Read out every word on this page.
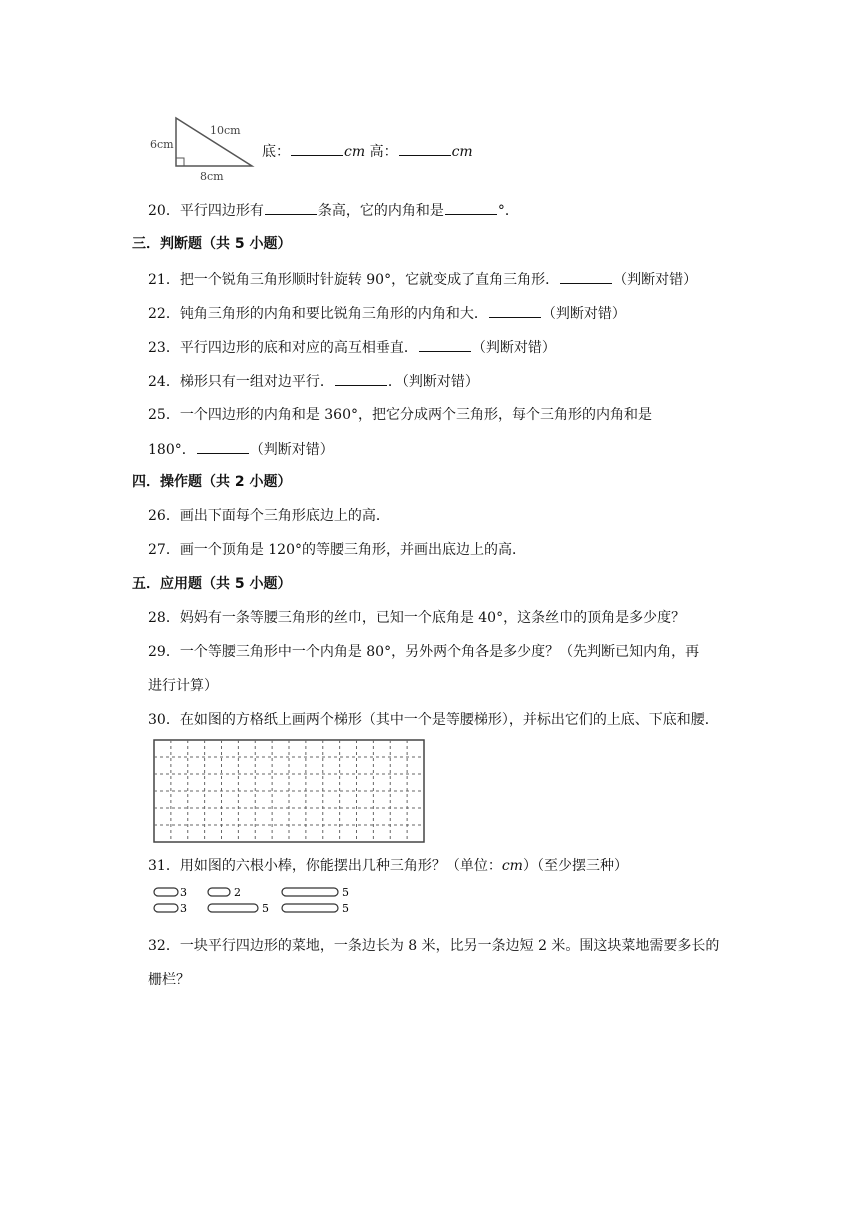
6cm
10cm
8cm
底：	cm 高：	cm
20．平行四边形有	条高，它的内角和是	°．
三．判断题（共 5 小题）
21．把一个锐角三角形顺时针旋转 90°，它就变成了直角三角形．	（判断对错）
22．钝角三角形的内角和要比锐角三角形的内角和大．	（判断对错）
23．平行四边形的底和对应的高互相垂直．	（判断对错）
24．梯形只有一组对边平行．	．（判断对错）
25．一个四边形的内角和是 360°，把它分成两个三角形，每个三角形的内角和是
180°．	（判断对错）
四．操作题（共 2 小题）
26．画出下面每个三角形底边上的高．
27．画一个顶角是 120°的等腰三角形，并画出底边上的高．
五．应用题（共 5 小题）
28．妈妈有一条等腰三角形的丝巾，已知一个底角是 40°，这条丝巾的顶角是多少度？
29．一个等腰三角形中一个内角是 80°，另外两个角各是多少度？（先判断已知内角，再
进行计算）
30．在如图的方格纸上画两个梯形（其中一个是等腰梯形），并标出它们的上底、下底和腰．
31．用如图的六根小棒，你能摆出几种三角形？（单位：cm）（至少摆三种）
3	2	5
3	5	5
32．一块平行四边形的菜地，一条边长为 8 米，比另一条边短 2 米。围这块菜地需要多长的
栅栏？
